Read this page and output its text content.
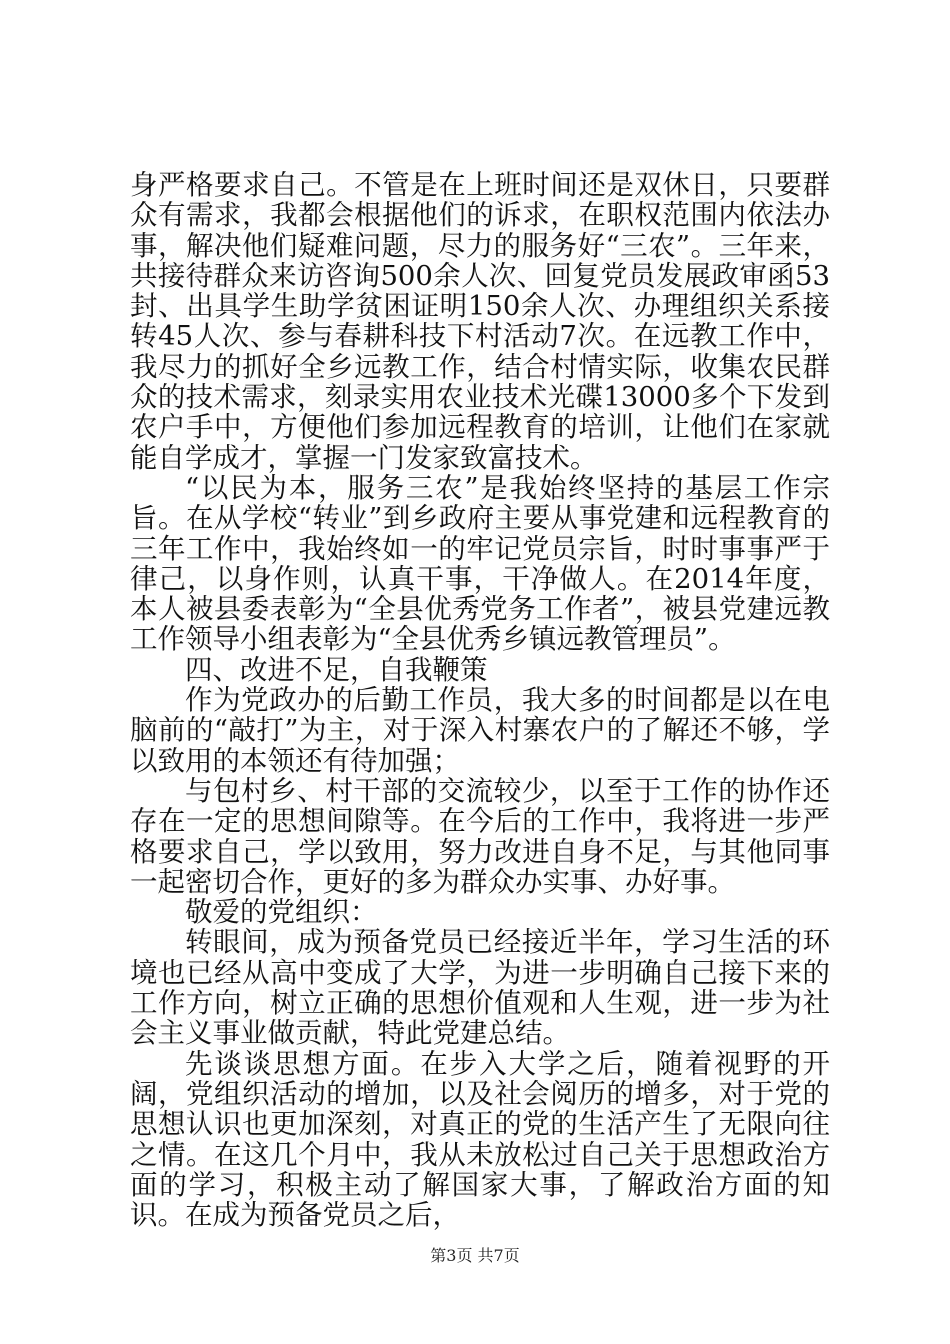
身严格要求自己。不管是在上班时间还是双休日，只要群众有需求，我都会根据他们的诉求，在职权范围内依法办事，解决他们疑难问题，尽力的服务好“三农”。三年来，共接待群众来访咨询500余人次、回复党员发展政审函53封、出具学生助学贫困证明150余人次、办理组织关系接转45人次、参与春耕科技下村活动7次。在远教工作中，我尽力的抓好全乡远教工作，结合村情实际，收集农民群众的技术需求，刻录实用农业技术光碟13000多个下发到农户手中，方便他们参加远程教育的培训，让他们在家就能自学成才，掌握一门发家致富技术。

“以民为本，服务三农”是我始终坚持的基层工作宗旨。在从学校“转业”到乡政府主要从事党建和远程教育的三年工作中，我始终如一的牢记党员宗旨，时时事事严于律己，以身作则，认真干事，干净做人。在2014年度，本人被县委表彰为“全县优秀党务工作者”，被县党建远教工作领导小组表彰为“全县优秀乡镇远教管理员”。

四、改进不足，自我鞭策

作为党政办的后勤工作员，我大多的时间都是以在电脑前的“敲打”为主，对于深入村寨农户的了解还不够，学以致用的本领还有待加强；

与包村乡、村干部的交流较少，以至于工作的协作还存在一定的思想间隙等。在今后的工作中，我将进一步严格要求自己，学以致用，努力改进自身不足，与其他同事一起密切合作，更好的多为群众办实事、办好事。

敬爱的党组织：

转眼间，成为预备党员已经接近半年，学习生活的环境也已经从高中变成了大学，为进一步明确自己接下来的工作方向，树立正确的思想价值观和人生观，进一步为社会主义事业做贡献，特此党建总结。

先谈谈思想方面。在步入大学之后，随着视野的开阔，党组织活动的增加，以及社会阅历的增多，对于党的思想认识也更加深刻，对真正的党的生活产生了无限向往之情。在这几个月中，我从未放松过自己关于思想政治方面的学习，积极主动了解国家大事，了解政治方面的知识。在成为预备党员之后，

第3页 共7页
